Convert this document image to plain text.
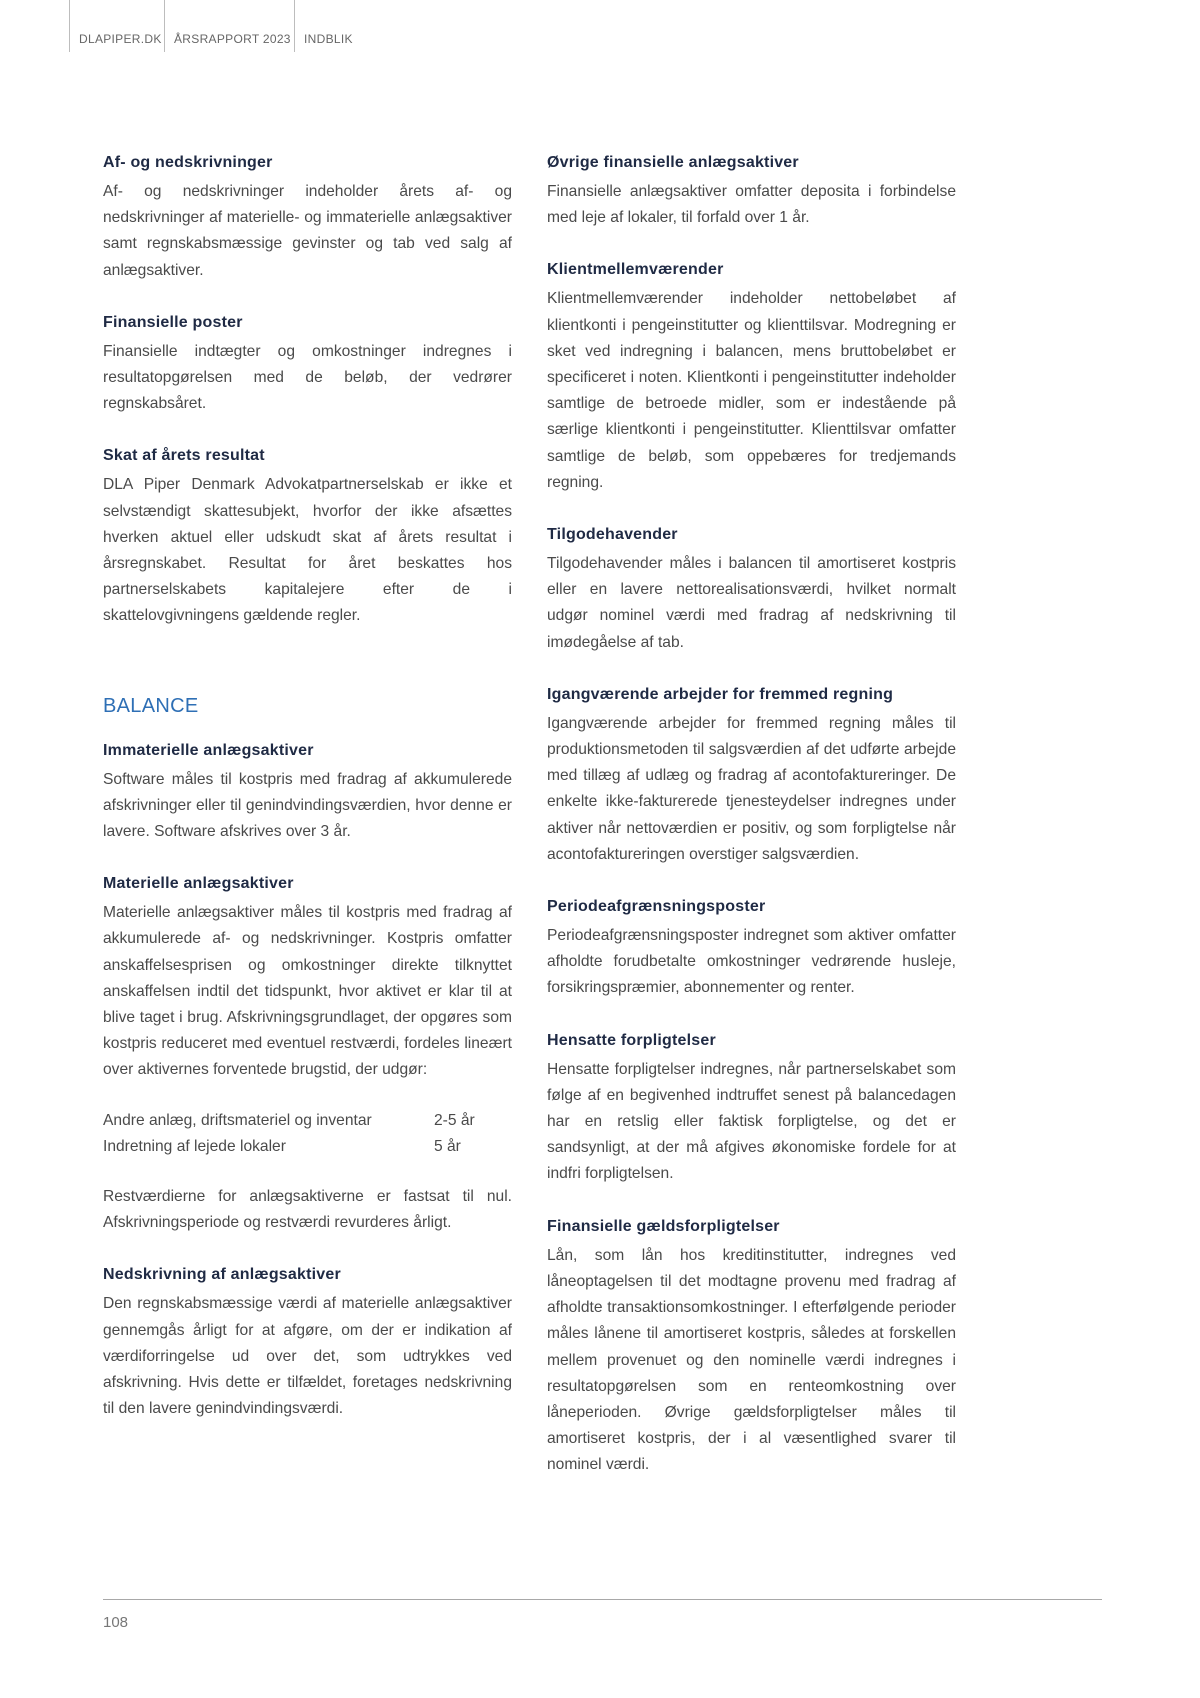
DLAPIPER.DK	ÅRSRAPPORT 2023	INDBLIK
Af- og nedskrivninger

Af- og nedskrivninger indeholder årets af- og nedskrivninger af materielle- og immaterielle anlægsaktiver samt regnskabsmæssige gevinster og tab ved salg af anlægsaktiver.

Finansielle poster

Finansielle indtægter og omkostninger indregnes i resultatopgørelsen med de beløb, der vedrører regnskabsåret.

Skat af årets resultat

DLA Piper Denmark Advokatpartnerselskab er ikke et selvstændigt skattesubjekt, hvorfor der ikke afsættes hverken aktuel eller udskudt skat af årets resultat i årsregnskabet. Resultat for året beskattes hos partnerselskabets kapitalejere efter de i skattelovgivningens gældende regler.

BALANCE
Immaterielle anlægsaktiver

Software måles til kostpris med fradrag af akkumulerede afskrivninger eller til genindvindingsværdien, hvor denne er lavere. Software afskrives over 3 år.

Materielle anlægsaktiver

Materielle anlægsaktiver måles til kostpris med fradrag af akkumulerede af- og nedskrivninger. Kostpris omfatter anskaffelsesprisen og omkostninger direkte tilknyttet anskaffelsen indtil det tidspunkt, hvor aktivet er klar til at blive taget i brug. Afskrivningsgrundlaget, der opgøres som kostpris reduceret med eventuel restværdi, fordeles lineært over aktivernes forventede brugstid, der udgør:

Andre anlæg, driftsmateriel og inventar	2-5 år
Indretning af lejede lokaler	5 år

Restværdierne for anlægsaktiverne er fastsat til nul. Afskrivningsperiode og restværdi revurderes årligt.

Nedskrivning af anlægsaktiver

Den regnskabsmæssige værdi af materielle anlægsaktiver gennemgås årligt for at afgøre, om der er indikation af værdiforringelse ud over det, som udtrykkes ved afskrivning. Hvis dette er tilfældet, foretages nedskrivning til den lavere genindvindingsværdi.

Øvrige finansielle anlægsaktiver

Finansielle anlægsaktiver omfatter deposita i forbindelse med leje af lokaler, til forfald over 1 år.

Klientmellemværender

Klientmellemværender indeholder nettobeløbet af klientkonti i pengeinstitutter og klienttilsvar. Modregning er sket ved indregning i balancen, mens bruttobeløbet er specificeret i noten. Klientkonti i pengeinstitutter indeholder samtlige de betroede midler, som er indestående på særlige klientkonti i pengeinstitutter. Klienttilsvar omfatter samtlige de beløb, som oppebæres for tredjemands regning.

Tilgodehavender

Tilgodehavender måles i balancen til amortiseret kostpris eller en lavere nettorealisationsværdi, hvilket normalt udgør nominel værdi med fradrag af nedskrivning til imødegåelse af tab.

Igangværende arbejder for fremmed regning

Igangværende arbejder for fremmed regning måles til produktionsmetoden til salgsværdien af det udførte arbejde med tillæg af udlæg og fradrag af acontofaktureringer. De enkelte ikke-fakturerede tjenesteydelser indregnes under aktiver når nettoværdien er positiv, og som forpligtelse når acontofaktureringen overstiger salgsværdien.

Periodeafgrænsningsposter

Periodeafgrænsningsposter indregnet som aktiver omfatter afholdte forudbetalte omkostninger vedrørende husleje, forsikringspræmier, abonnementer og renter.

Hensatte forpligtelser

Hensatte forpligtelser indregnes, når partnerselskabet som følge af en begivenhed indtruffet senest på balancedagen har en retslig eller faktisk forpligtelse, og det er sandsynligt, at der må afgives økonomiske fordele for at indfri forpligtelsen.

Finansielle gældsforpligtelser

Lån, som lån hos kreditinstitutter, indregnes ved låneoptagelsen til det modtagne provenu med fradrag af afholdte transaktionsomkostninger. I efterfølgende perioder måles lånene til amortiseret kostpris, således at forskellen mellem provenuet og den nominelle værdi indregnes i resultatopgørelsen som en renteomkostning over låneperioden. Øvrige gældsforpligtelser måles til amortiseret kostpris, der i al væsentlighed svarer til nominel værdi.

108
